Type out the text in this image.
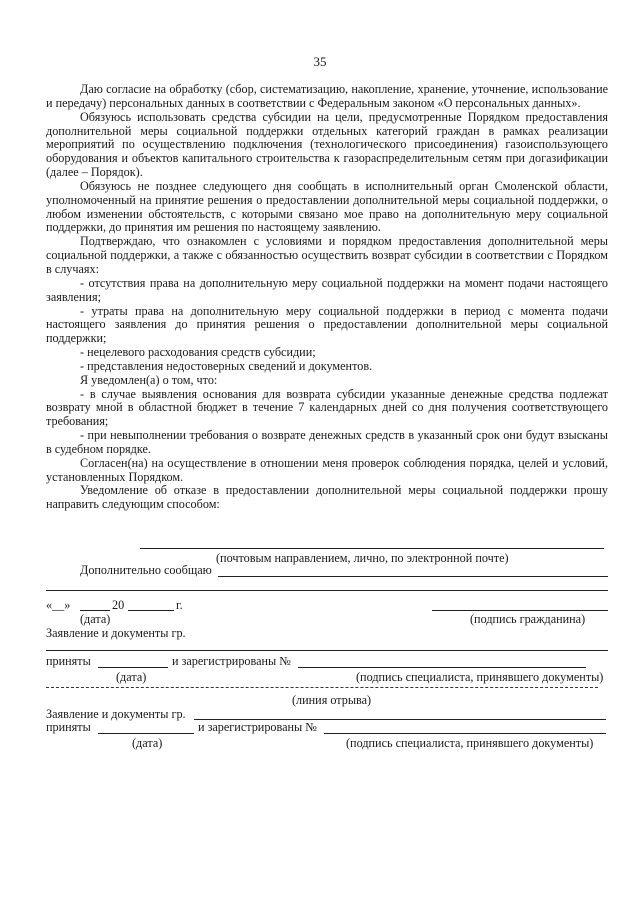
35

Даю согласие на обработку (сбор, систематизацию, накопление, хранение, уточнение, использование и передачу) персональных данных в соответствии с Федеральным законом «О персональных данных».

Обязуюсь использовать средства субсидии на цели, предусмотренные Порядком предоставления дополнительной меры социальной поддержки отдельных категорий граждан в рамках реализации мероприятий по осуществлению подключения (технологического присоединения) газоиспользующего оборудования и объектов капитального строительства к газораспределительным сетям при догазификации (далее – Порядок).

Обязуюсь не позднее следующего дня сообщать в исполнительный орган Смоленской области, уполномоченный на принятие решения о предоставлении дополнительной меры социальной поддержки, о любом изменении обстоятельств, с которыми связано мое право на дополнительную меру социальной поддержки, до принятия им решения по настоящему заявлению.

Подтверждаю, что ознакомлен с условиями и порядком предоставления дополнительной меры социальной поддержки, а также с обязанностью осуществить возврат субсидии в соответствии с Порядком в случаях:

- отсутствия права на дополнительную меру социальной поддержки на момент подачи настоящего заявления;

- утраты права на дополнительную меру социальной поддержки в период с момента подачи настоящего заявления до принятия решения о предоставлении дополнительной меры социальной поддержки;

- нецелевого расходования средств субсидии;

- представления недостоверных сведений и документов.

Я уведомлен(а) о том, что:

- в случае выявления основания для возврата субсидии указанные денежные средства подлежат возврату мной в областной бюджет в течение 7 календарных дней со дня получения соответствующего требования;

- при невыполнении требования о возврате денежных средств в указанный срок они будут взысканы в судебном порядке.

Согласен(на) на осуществление в отношении меня проверок соблюдения порядка, целей и условий, установленных Порядком.

Уведомление об отказе в предоставлении дополнительной меры социальной поддержки прошу направить следующим способом:

(почтовым направлением, лично, по электронной почте)
Дополнительно сообщаю
«__»	20	г.
(дата)	(подпись гражданина)
Заявление и документы гр.
приняты	и зарегистрированы №
(дата)	(подпись специалиста, принявшего документы)
(линия отрыва)
Заявление и документы гр.
приняты	и зарегистрированы №
(дата)	(подпись специалиста, принявшего документы)
